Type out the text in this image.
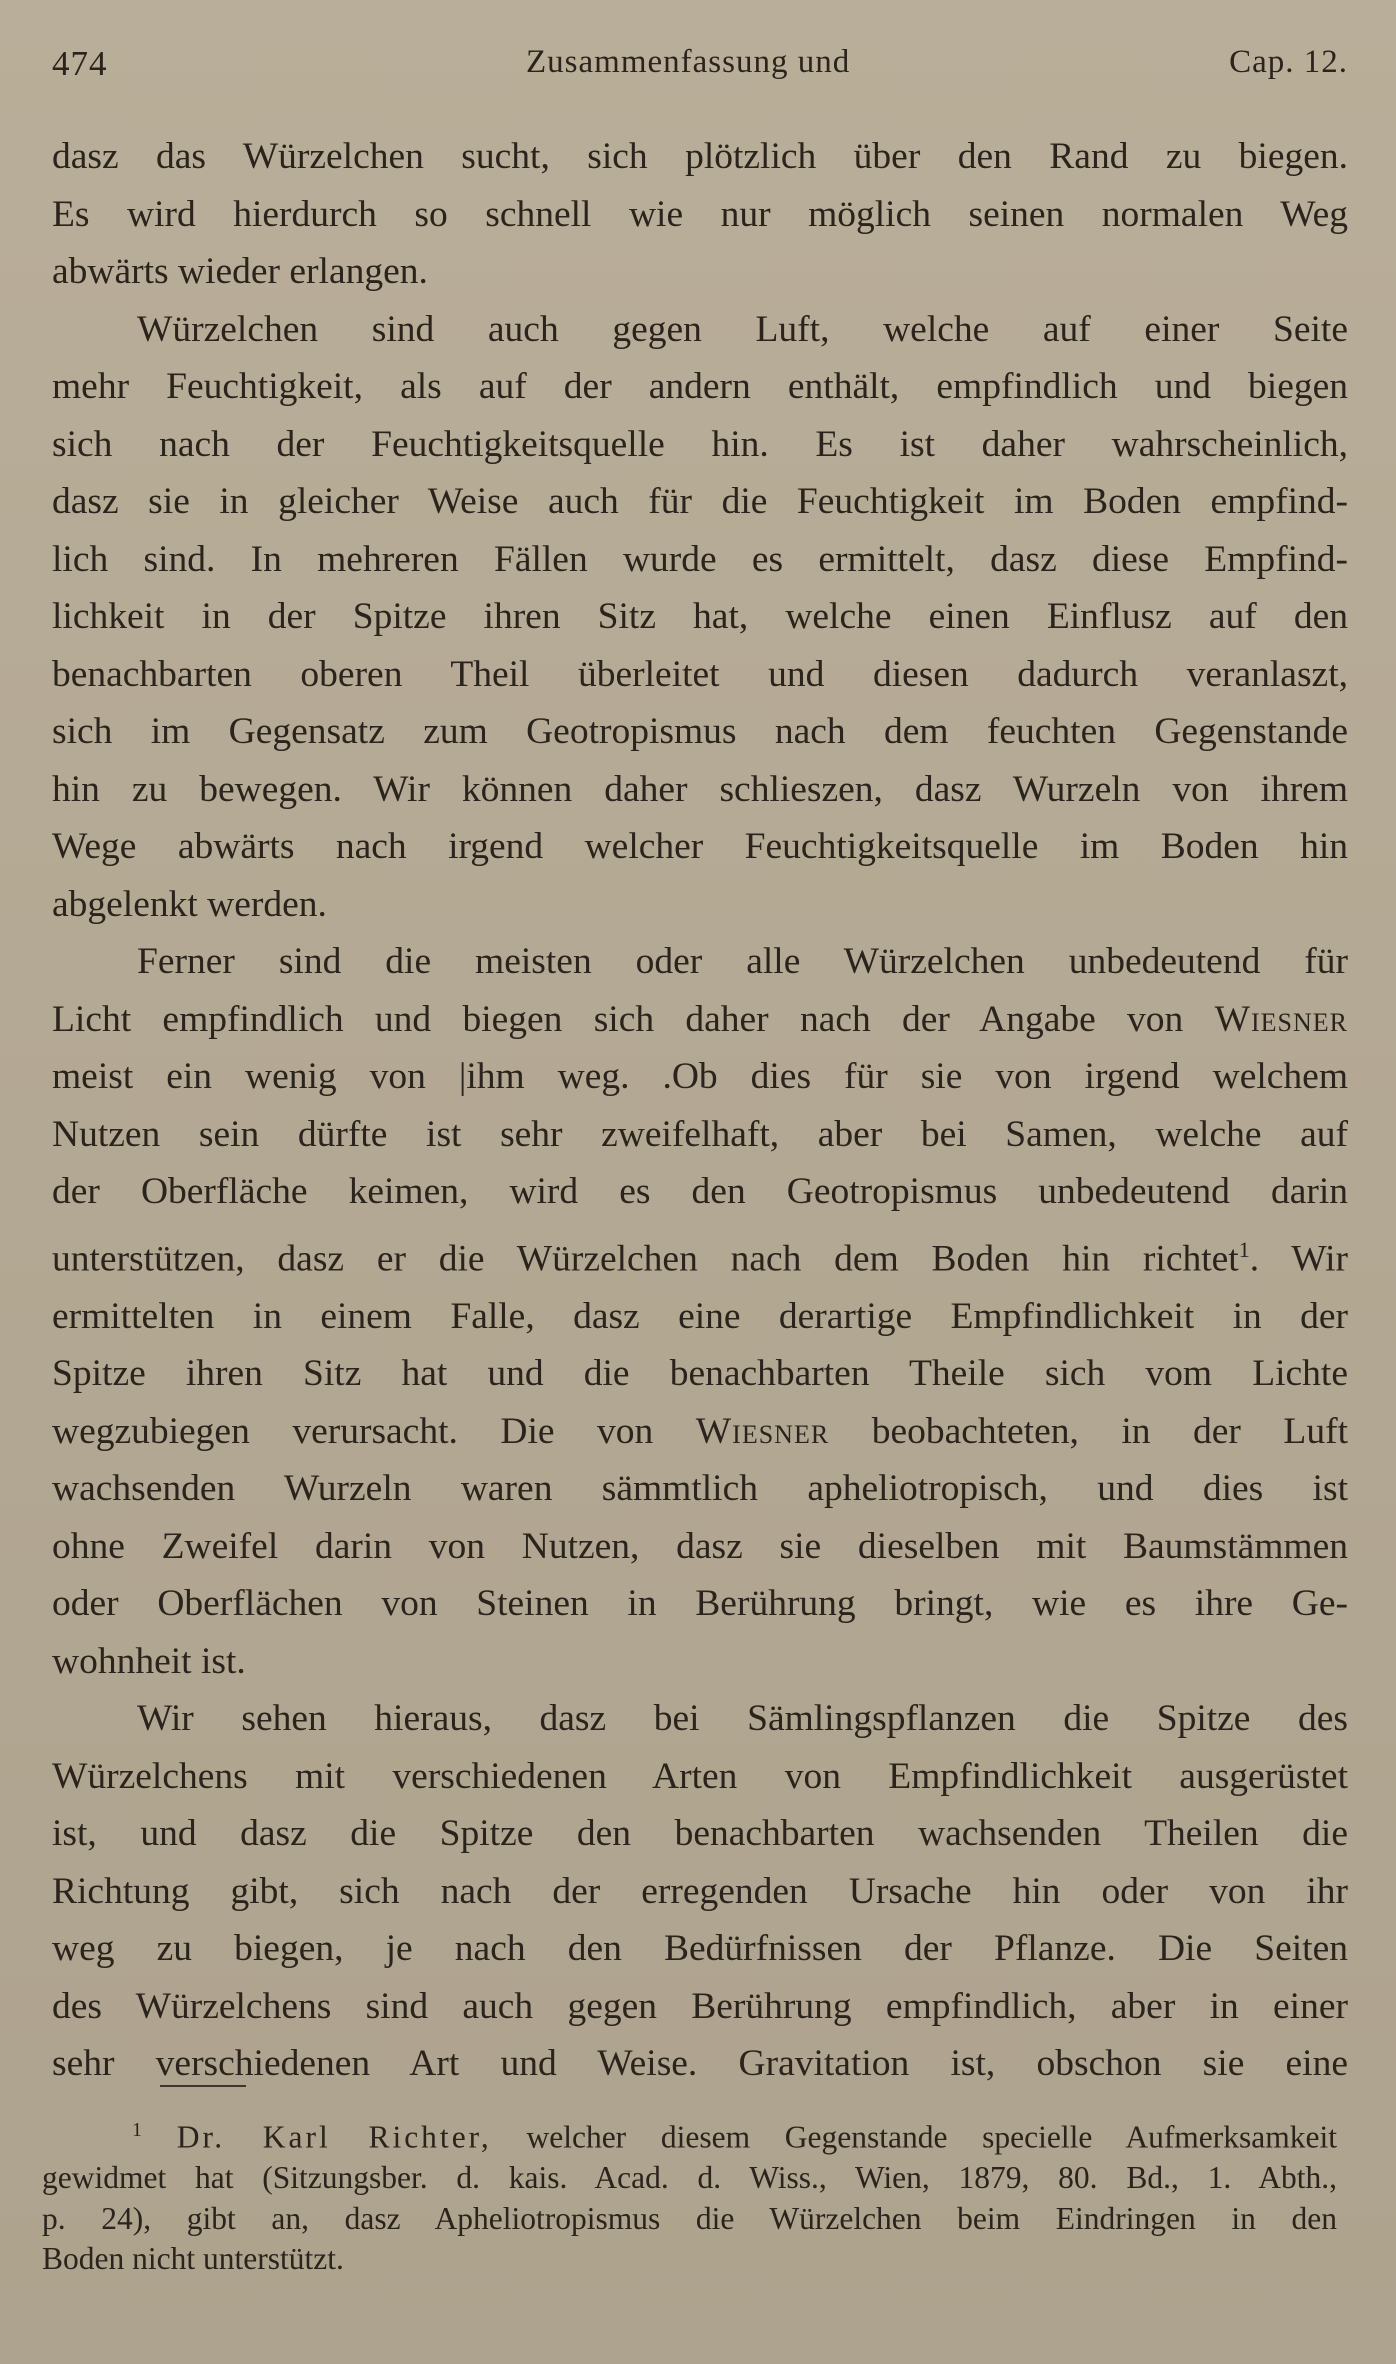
474	Zusammenfassung und	Cap. 12.

dasz das Würzelchen sucht, sich plötzlich über den Rand zu biegen.

Es wird hierdurch so schnell wie nur möglich seinen normalen Weg

abwärts wieder erlangen.

Würzelchen sind auch gegen Luft, welche auf einer Seite

mehr Feuchtigkeit, als auf der andern enthält, empfindlich und biegen

sich nach der Feuchtigkeitsquelle hin. Es ist daher wahrscheinlich,

dasz sie in gleicher Weise auch für die Feuchtigkeit im Boden empfind-

lich sind. In mehreren Fällen wurde es ermittelt, dasz diese Empfind-

lichkeit in der Spitze ihren Sitz hat, welche einen Einflusz auf den

benachbarten oberen Theil überleitet und diesen dadurch veranlaszt,

sich im Gegensatz zum Geotropismus nach dem feuchten Gegenstande

hin zu bewegen. Wir können daher schlieszen, dasz Wurzeln von ihrem

Wege abwärts nach irgend welcher Feuchtigkeitsquelle im Boden hin

abgelenkt werden.

Ferner sind die meisten oder alle Würzelchen unbedeutend für

Licht empfindlich und biegen sich daher nach der Angabe von Wiesner

meist ein wenig von |ihm weg. .Ob dies für sie von irgend welchem

Nutzen sein dürfte ist sehr zweifelhaft, aber bei Samen, welche auf

der Oberfläche keimen, wird es den Geotropismus unbedeutend darin

unterstützen, dasz er die Würzelchen nach dem Boden hin richtet$^1$. Wir

ermittelten in einem Falle, dasz eine derartige Empfindlichkeit in der

Spitze ihren Sitz hat und die benachbarten Theile sich vom Lichte

wegzubiegen verursacht. Die von Wiesner beobachteten, in der Luft

wachsenden Wurzeln waren sämmtlich apheliotropisch, und dies ist

ohne Zweifel darin von Nutzen, dasz sie dieselben mit Baumstämmen

oder Oberflächen von Steinen in Berührung bringt, wie es ihre Ge-

wohnheit ist.

Wir sehen hieraus, dasz bei Sämlingspflanzen die Spitze des

Würzelchens mit verschiedenen Arten von Empfindlichkeit ausgerüstet

ist, und dasz die Spitze den benachbarten wachsenden Theilen die

Richtung gibt, sich nach der erregenden Ursache hin oder von ihr

weg zu biegen, je nach den Bedürfnissen der Pflanze. Die Seiten

des Würzelchens sind auch gegen Berührung empfindlich, aber in einer

sehr verschiedenen Art und Weise. Gravitation ist, obschon sie eine

$^1$ Dr. Karl Richter, welcher diesem Gegenstande specielle Aufmerksamkeit

gewidmet hat (Sitzungsber. d. kais. Acad. d. Wiss., Wien, 1879, 80. Bd., 1. Abth.,

p. 24), gibt an, dasz Apheliotropismus die Würzelchen beim Eindringen in den

Boden nicht unterstützt.
